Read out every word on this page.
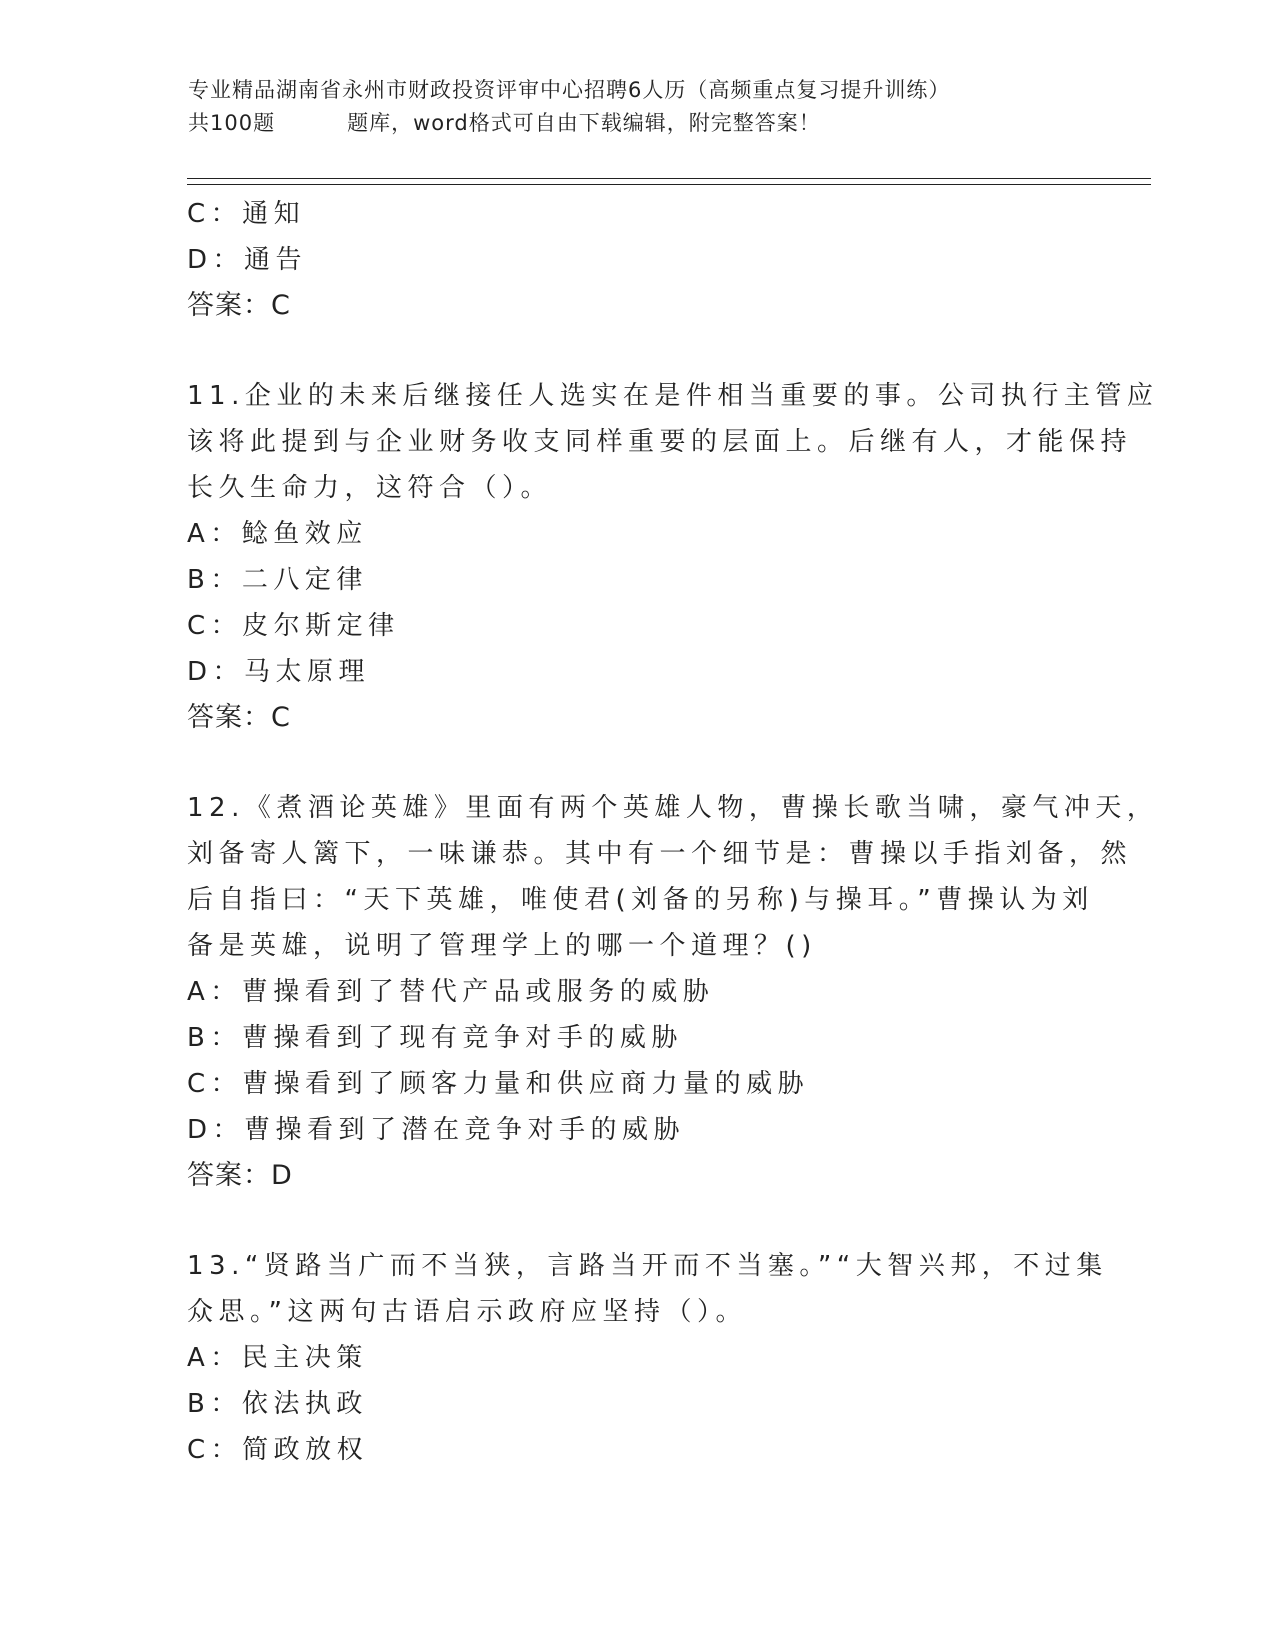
专业精品湖南省永州市财政投资评审中心招聘6人历（高频重点复习提升训练）
共100题	题库，word格式可自由下载编辑，附完整答案！
C：通知
D：通告
答案：C
11.企业的未来后继接任人选实在是件相当重要的事。公司执行主管应
该将此提到与企业财务收支同样重要的层面上。后继有人，才能保持
长久生命力，这符合（）。
A：鲶鱼效应
B：二八定律
C：皮尔斯定律
D：马太原理
答案：C
12.《煮酒论英雄》里面有两个英雄人物，曹操长歌当啸，豪气冲天，
刘备寄人篱下，一味谦恭。其中有一个细节是：曹操以手指刘备，然
后自指曰：“天下英雄，唯使君(刘备的另称)与操耳。”曹操认为刘
备是英雄，说明了管理学上的哪一个道理？()
A：曹操看到了替代产品或服务的威胁
B：曹操看到了现有竞争对手的威胁
C：曹操看到了顾客力量和供应商力量的威胁
D：曹操看到了潜在竞争对手的威胁
答案：D
13.“贤路当广而不当狭，言路当开而不当塞。”“大智兴邦，不过集
众思。”这两句古语启示政府应坚持（）。
A：民主决策
B：依法执政
C：简政放权
